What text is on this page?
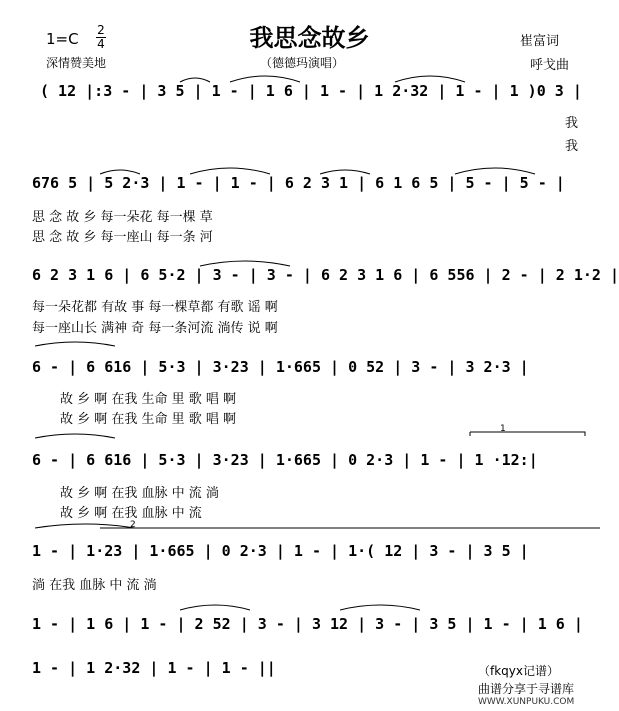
我思念故乡
1=C 2
4
深情赞美地	（德德玛演唱）
崔富词
呼戈曲
( 12 |:3 - | 3 5 | 1 - | 1 6 | 1 - | 1 2·32 | 1 - | 1 )0 3 |
我
我
676 5 | 5 2·3 | 1 - | 1 - | 6 2 3 1 | 6 1 6 5 | 5 - | 5 - |
思 念 故 乡 每一朵花 每一棵 草
思 念 故 乡 每一座山 每一条 河
6 2 3 1 6 | 6 5·2 | 3 - | 3 - | 6 2 3 1 6 | 6 556 | 2 - | 2 1·2 |
每一朵花都 有故 事 每一棵草都 有歌 谣 啊
每一座山长 满神 奇 每一条河流 淌传 说 啊
6 - | 6 616 | 5·3 | 3·23 | 1·665 | 0 52 | 3 - | 3 2·3 |
故 乡 啊 在我 生命 里 歌 唱 啊
故 乡 啊 在我 生命 里 歌 唱 啊
6 - | 6 616 | 5·3 | 3·23 | 1·665 | 0 2·3 | 1 - | 1 ·12:|
故 乡 啊 在我 血脉 中 流 淌
故 乡 啊 在我 血脉 中 流
1 - | 1·23 | 1·665 | 0 2·3 | 1 - | 1·( 12 | 3 - | 3 5 |
淌 在我 血脉 中 流 淌
1 - | 1 6 | 1 - | 2 52 | 3 - | 3 12 | 3 - | 3 5 | 1 - | 1 6 |
1 - | 1 2·32 | 1 - | 1 - ||
1
2
（fkqyx记谱）
曲谱分享于寻谱库
WWW.XUNPUKU.COM
